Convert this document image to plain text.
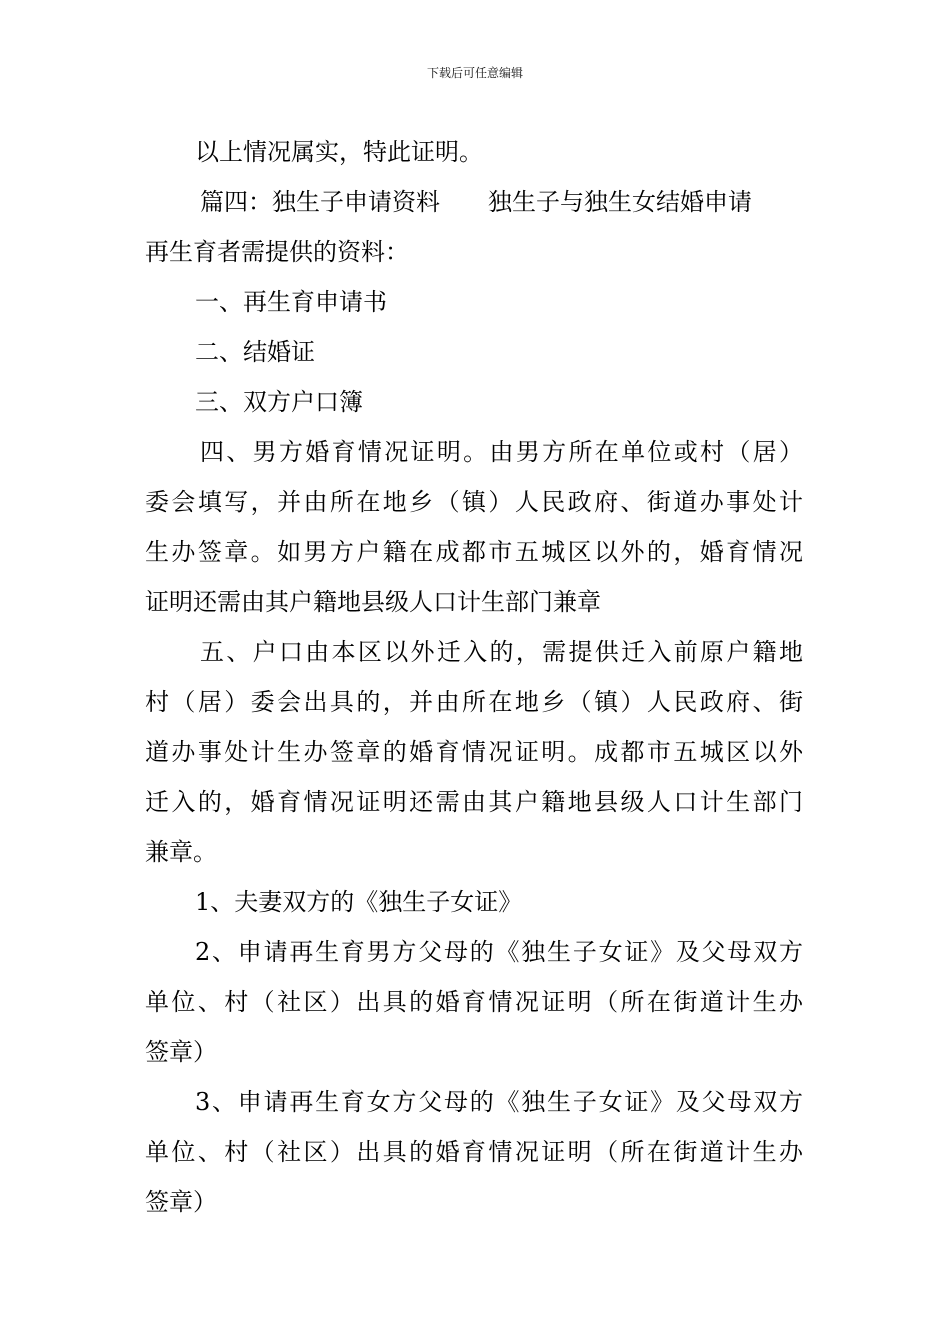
下载后可任意编辑
以上情况属实，特此证明。
篇四：独生子申请资料 独生子与独生女结婚申请
再生育者需提供的资料：
一、再生育申请书
二、结婚证
三、双方户口簿
四、男方婚育情况证明。由男方所在单位或村（居）
委会填写，并由所在地乡（镇）人民政府、街道办事处计
生办签章。如男方户籍在成都市五城区以外的，婚育情况
证明还需由其户籍地县级人口计生部门兼章
五、户口由本区以外迁入的，需提供迁入前原户籍地
村（居）委会出具的，并由所在地乡（镇）人民政府、街
道办事处计生办签章的婚育情况证明。成都市五城区以外
迁入的，婚育情况证明还需由其户籍地县级人口计生部门
兼章。
1、夫妻双方的《独生子女证》
2、申请再生育男方父母的《独生子女证》及父母双方
单位、村（社区）出具的婚育情况证明（所在街道计生办
签章）
3、申请再生育女方父母的《独生子女证》及父母双方
单位、村（社区）出具的婚育情况证明（所在街道计生办
签章）
